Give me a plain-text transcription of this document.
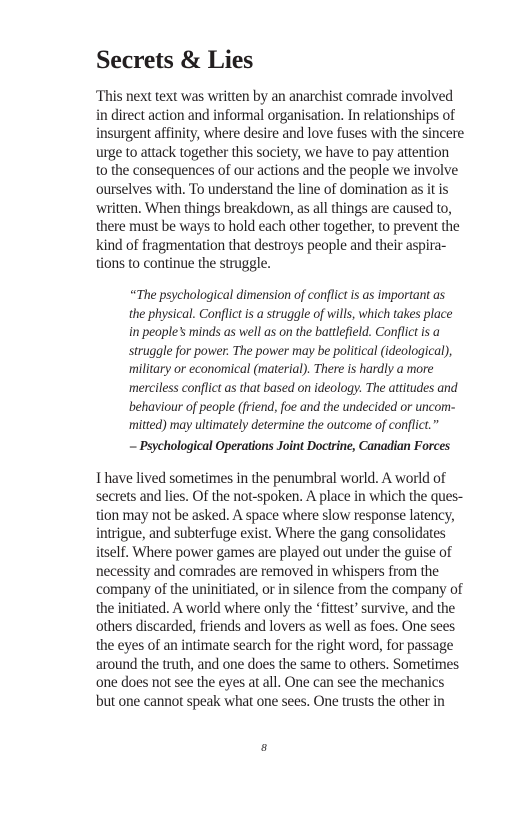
Secrets & Lies

This next text was written by an anarchist comrade involved
in direct action and informal organisation. In relationships of
insurgent affinity, where desire and love fuses with the sincere
urge to attack together this society, we have to pay attention
to the consequences of our actions and the people we involve
ourselves with. To understand the line of domination as it is
written. When things breakdown, as all things are caused to,
there must be ways to hold each other together, to prevent the
kind of fragmentation that destroys people and their aspira-
tions to continue the struggle.

“The psychological dimension of conflict is as important as
the physical. Conflict is a struggle of wills, which takes place
in people’s minds as well as on the battlefield. Conflict is a
struggle for power. The power may be political (ideological),
military or economical (material). There is hardly a more
merciless conflict as that based on ideology. The attitudes and
behaviour of people (friend, foe and the undecided or uncom-
mitted) may ultimately determine the outcome of conflict.”

– Psychological Operations Joint Doctrine, Canadian Forces

I have lived sometimes in the penumbral world. A world of
secrets and lies. Of the not-spoken. A place in which the ques-
tion may not be asked. A space where slow response latency,
intrigue, and subterfuge exist. Where the gang consolidates
itself. Where power games are played out under the guise of
necessity and comrades are removed in whispers from the
company of the uninitiated, or in silence from the company of
the initiated. A world where only the ‘fittest’ survive, and the
others discarded, friends and lovers as well as foes. One sees
the eyes of an intimate search for the right word, for passage
around the truth, and one does the same to others. Sometimes
one does not see the eyes at all. One can see the mechanics
but one cannot speak what one sees. One trusts the other in

8
